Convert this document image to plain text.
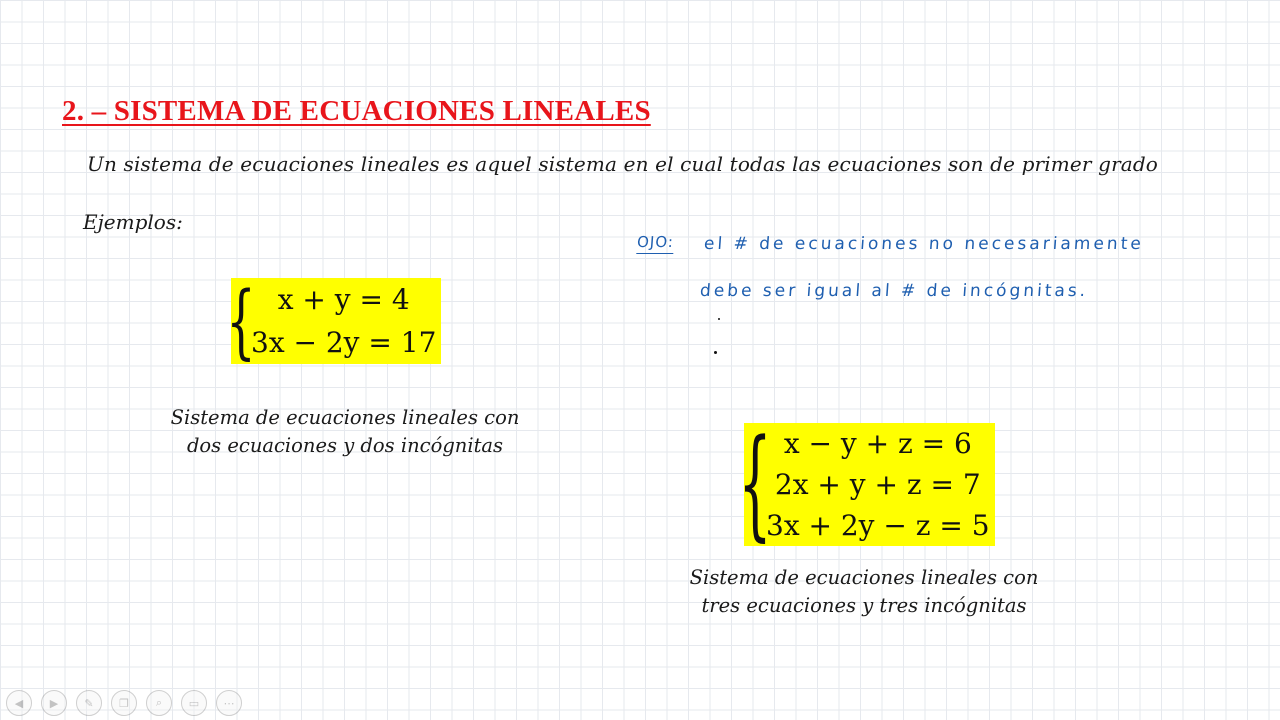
2. – SISTEMA DE ECUACIONES LINEALES
Un sistema de ecuaciones lineales es aquel sistema en el cual todas las ecuaciones son de primer grado
Ejemplos:
{ x + y = 4
3x − 2y = 17
Sistema de ecuaciones lineales con
dos ecuaciones y dos incógnitas
OJO: el # de ecuaciones no necesariamente
debe ser igual al # de incógnitas.
{ x − y + z = 6
2x + y + z = 7
3x + 2y − z = 5
Sistema de ecuaciones lineales con
tres ecuaciones y tres incógnitas
◀	▶	✎	❐	⌕	▭	⋯
